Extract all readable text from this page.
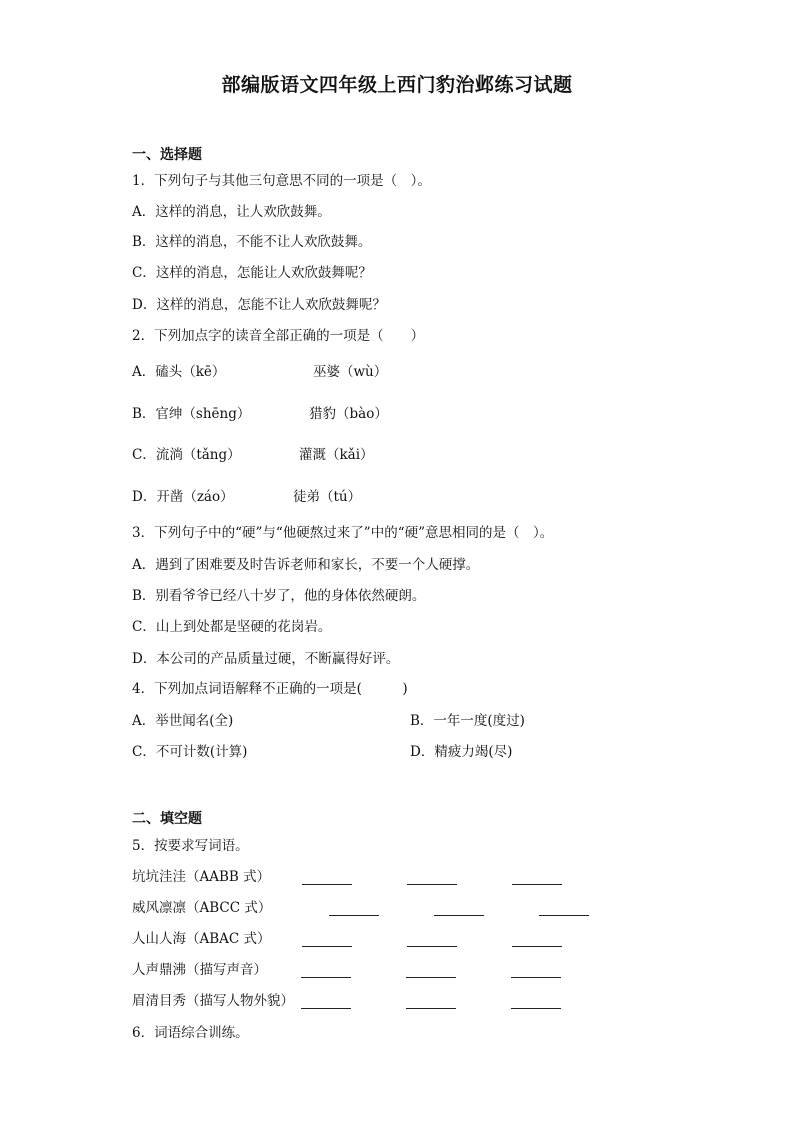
部编版语文四年级上西门豹治邺练习试题
一、选择题
1．下列句子与其他三句意思不同的一项是（　）。
A．这样的消息，让人欢欣鼓舞。
B．这样的消息，不能不让人欢欣鼓舞。
C．这样的消息，怎能让人欢欣鼓舞呢？
D．这样的消息，怎能不让人欢欣鼓舞呢？
2．下列加点字的读音全部正确的一项是（　　）
A．磕头（kē）	巫婆（wù）
B．官绅（shēng）	猎豹（bào）
C．流淌（tǎng）	灌溉（kǎi）
D．开凿（záo）	徒弟（tú）
3．下列句子中的“硬”与“他硬熬过来了”中的“硬”意思相同的是（　）。
A．遇到了困难要及时告诉老师和家长，不要一个人硬撑。
B．别看爷爷已经八十岁了，他的身体依然硬朗。
C．山上到处都是坚硬的花岗岩。
D．本公司的产品质量过硬，不断赢得好评。
4．下列加点词语解释不正确的一项是(　　　)
A．举世闻名(全)	B．一年一度(度过)
C．不可计数(计算)	D．精疲力竭(尽)
二、填空题
5．按要求写词语。
坑坑洼洼（AABB 式）
威风凛凛（ABCC 式）
人山人海（ABAC 式）
人声鼎沸（描写声音）
眉清目秀（描写人物外貌）
6．词语综合训练。
